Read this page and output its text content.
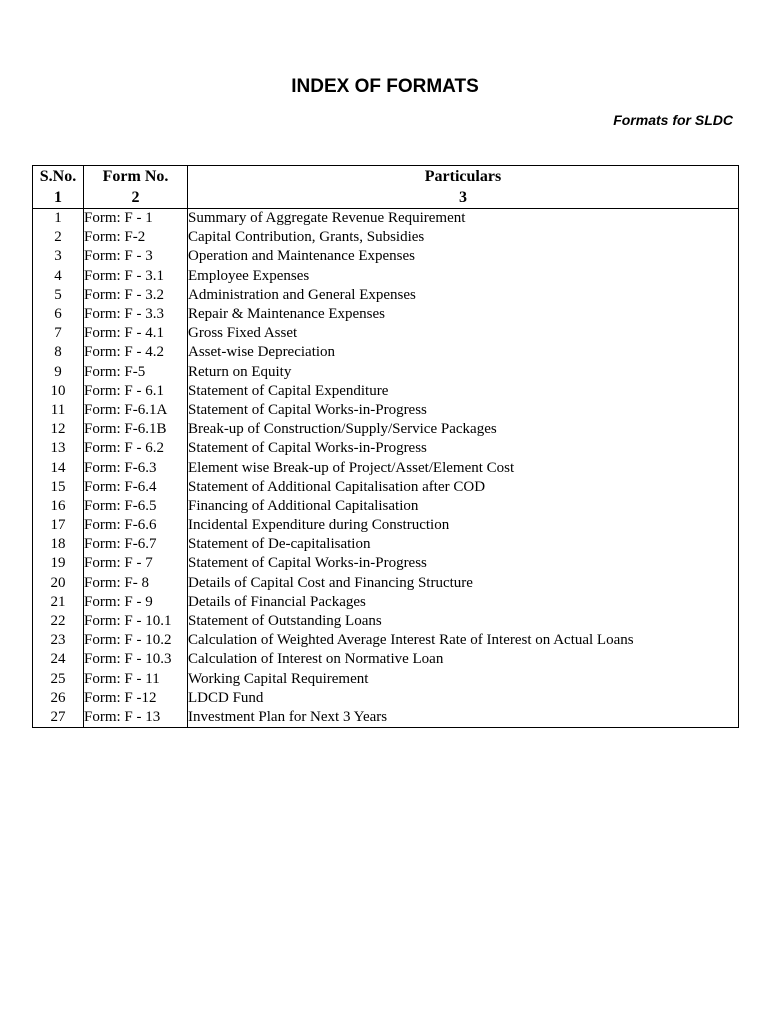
INDEX OF FORMATS
Formats for SLDC
S.No.	Form No.	Particulars
1	2	3
1	Form: F - 1	Summary of Aggregate Revenue Requirement
2	Form: F-2	Capital Contribution, Grants, Subsidies
3	Form: F - 3	Operation and Maintenance Expenses
4	Form: F - 3.1	Employee Expenses
5	Form: F - 3.2	Administration and General Expenses
6	Form: F - 3.3	Repair & Maintenance Expenses
7	Form: F - 4.1	Gross Fixed Asset
8	Form: F - 4.2	Asset-wise Depreciation
9	Form: F-5	Return on Equity
10	Form: F - 6.1	Statement of Capital Expenditure
11	Form: F-6.1A	Statement of Capital Works-in-Progress
12	Form: F-6.1B	Break-up of Construction/Supply/Service Packages
13	Form: F - 6.2	Statement of Capital Works-in-Progress
14	Form: F-6.3	Element wise Break-up of Project/Asset/Element Cost
15	Form: F-6.4	Statement of Additional Capitalisation after COD
16	Form: F-6.5	Financing of Additional Capitalisation
17	Form: F-6.6	Incidental Expenditure during Construction
18	Form: F-6.7	Statement of De-capitalisation
19	Form: F - 7	Statement of Capital Works-in-Progress
20	Form: F- 8	Details of Capital Cost and Financing Structure
21	Form: F - 9	Details of Financial Packages
22	Form: F - 10.1	Statement of Outstanding Loans
23	Form: F - 10.2	Calculation of Weighted Average Interest Rate of Interest on Actual Loans
24	Form: F - 10.3	Calculation of Interest on Normative Loan
25	Form: F - 11	Working Capital Requirement
26	Form: F -12	LDCD Fund
27	Form: F - 13	Investment Plan for Next 3 Years
